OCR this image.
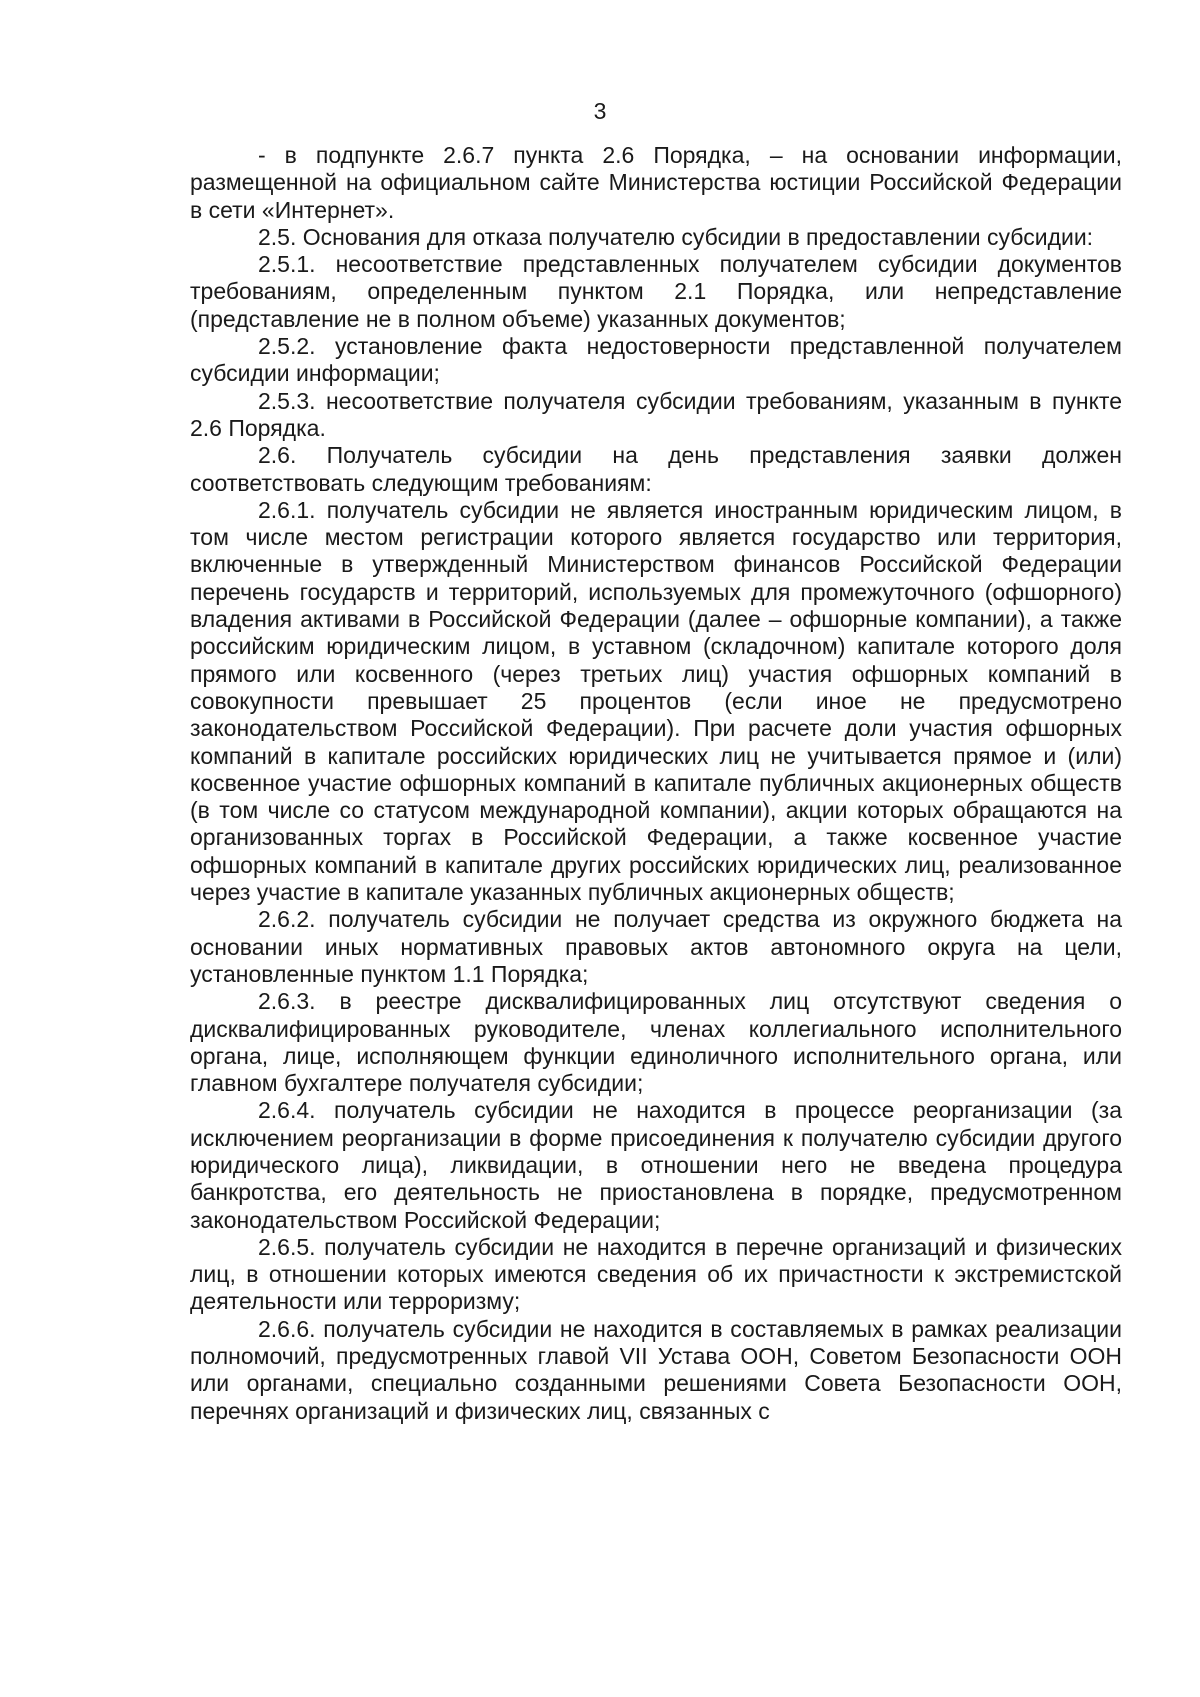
3

- в подпункте 2.6.7 пункта 2.6 Порядка, – на основании информации, размещенной на официальном сайте Министерства юстиции Российской Федерации в сети «Интернет».

2.5. Основания для отказа получателю субсидии в предоставлении субсидии:

2.5.1. несоответствие представленных получателем субсидии документов требованиям, определенным пунктом 2.1 Порядка, или непредставление (представление не в полном объеме) указанных документов;

2.5.2. установление факта недостоверности представленной получателем субсидии информации;

2.5.3. несоответствие получателя субсидии требованиям, указанным в пункте 2.6 Порядка.

2.6. Получатель субсидии на день представления заявки должен соответствовать следующим требованиям:

2.6.1. получатель субсидии не является иностранным юридическим лицом, в том числе местом регистрации которого является государство или территория, включенные в утвержденный Министерством финансов Российской Федерации перечень государств и территорий, используемых для промежуточного (офшорного) владения активами в Российской Федерации (далее – офшорные компании), а также российским юридическим лицом, в уставном (складочном) капитале которого доля прямого или косвенного (через третьих лиц) участия офшорных компаний в совокупности превышает 25 процентов (если иное не предусмотрено законодательством Российской Федерации). При расчете доли участия офшорных компаний в капитале российских юридических лиц не учитывается прямое и (или) косвенное участие офшорных компаний в капитале публичных акционерных обществ (в том числе со статусом международной компании), акции которых обращаются на организованных торгах в Российской Федерации, а также косвенное участие офшорных компаний в капитале других российских юридических лиц, реализованное через участие в капитале указанных публичных акционерных обществ;

2.6.2. получатель субсидии не получает средства из окружного бюджета на основании иных нормативных правовых актов автономного округа на цели, установленные пунктом 1.1 Порядка;

2.6.3. в реестре дисквалифицированных лиц отсутствуют сведения о дисквалифицированных руководителе, членах коллегиального исполнительного органа, лице, исполняющем функции единоличного исполнительного органа, или главном бухгалтере получателя субсидии;

2.6.4. получатель субсидии не находится в процессе реорганизации (за исключением реорганизации в форме присоединения к получателю субсидии другого юридического лица), ликвидации, в отношении него не введена процедура банкротства, его деятельность не приостановлена в порядке, предусмотренном законодательством Российской Федерации;

2.6.5. получатель субсидии не находится в перечне организаций и физических лиц, в отношении которых имеются сведения об их причастности к экстремистской деятельности или терроризму;

2.6.6. получатель субсидии не находится в составляемых в рамках реализации полномочий, предусмотренных главой VII Устава ООН, Советом Безопасности ООН или органами, специально созданными решениями Совета Безопасности ООН, перечнях организаций и физических лиц, связанных с
